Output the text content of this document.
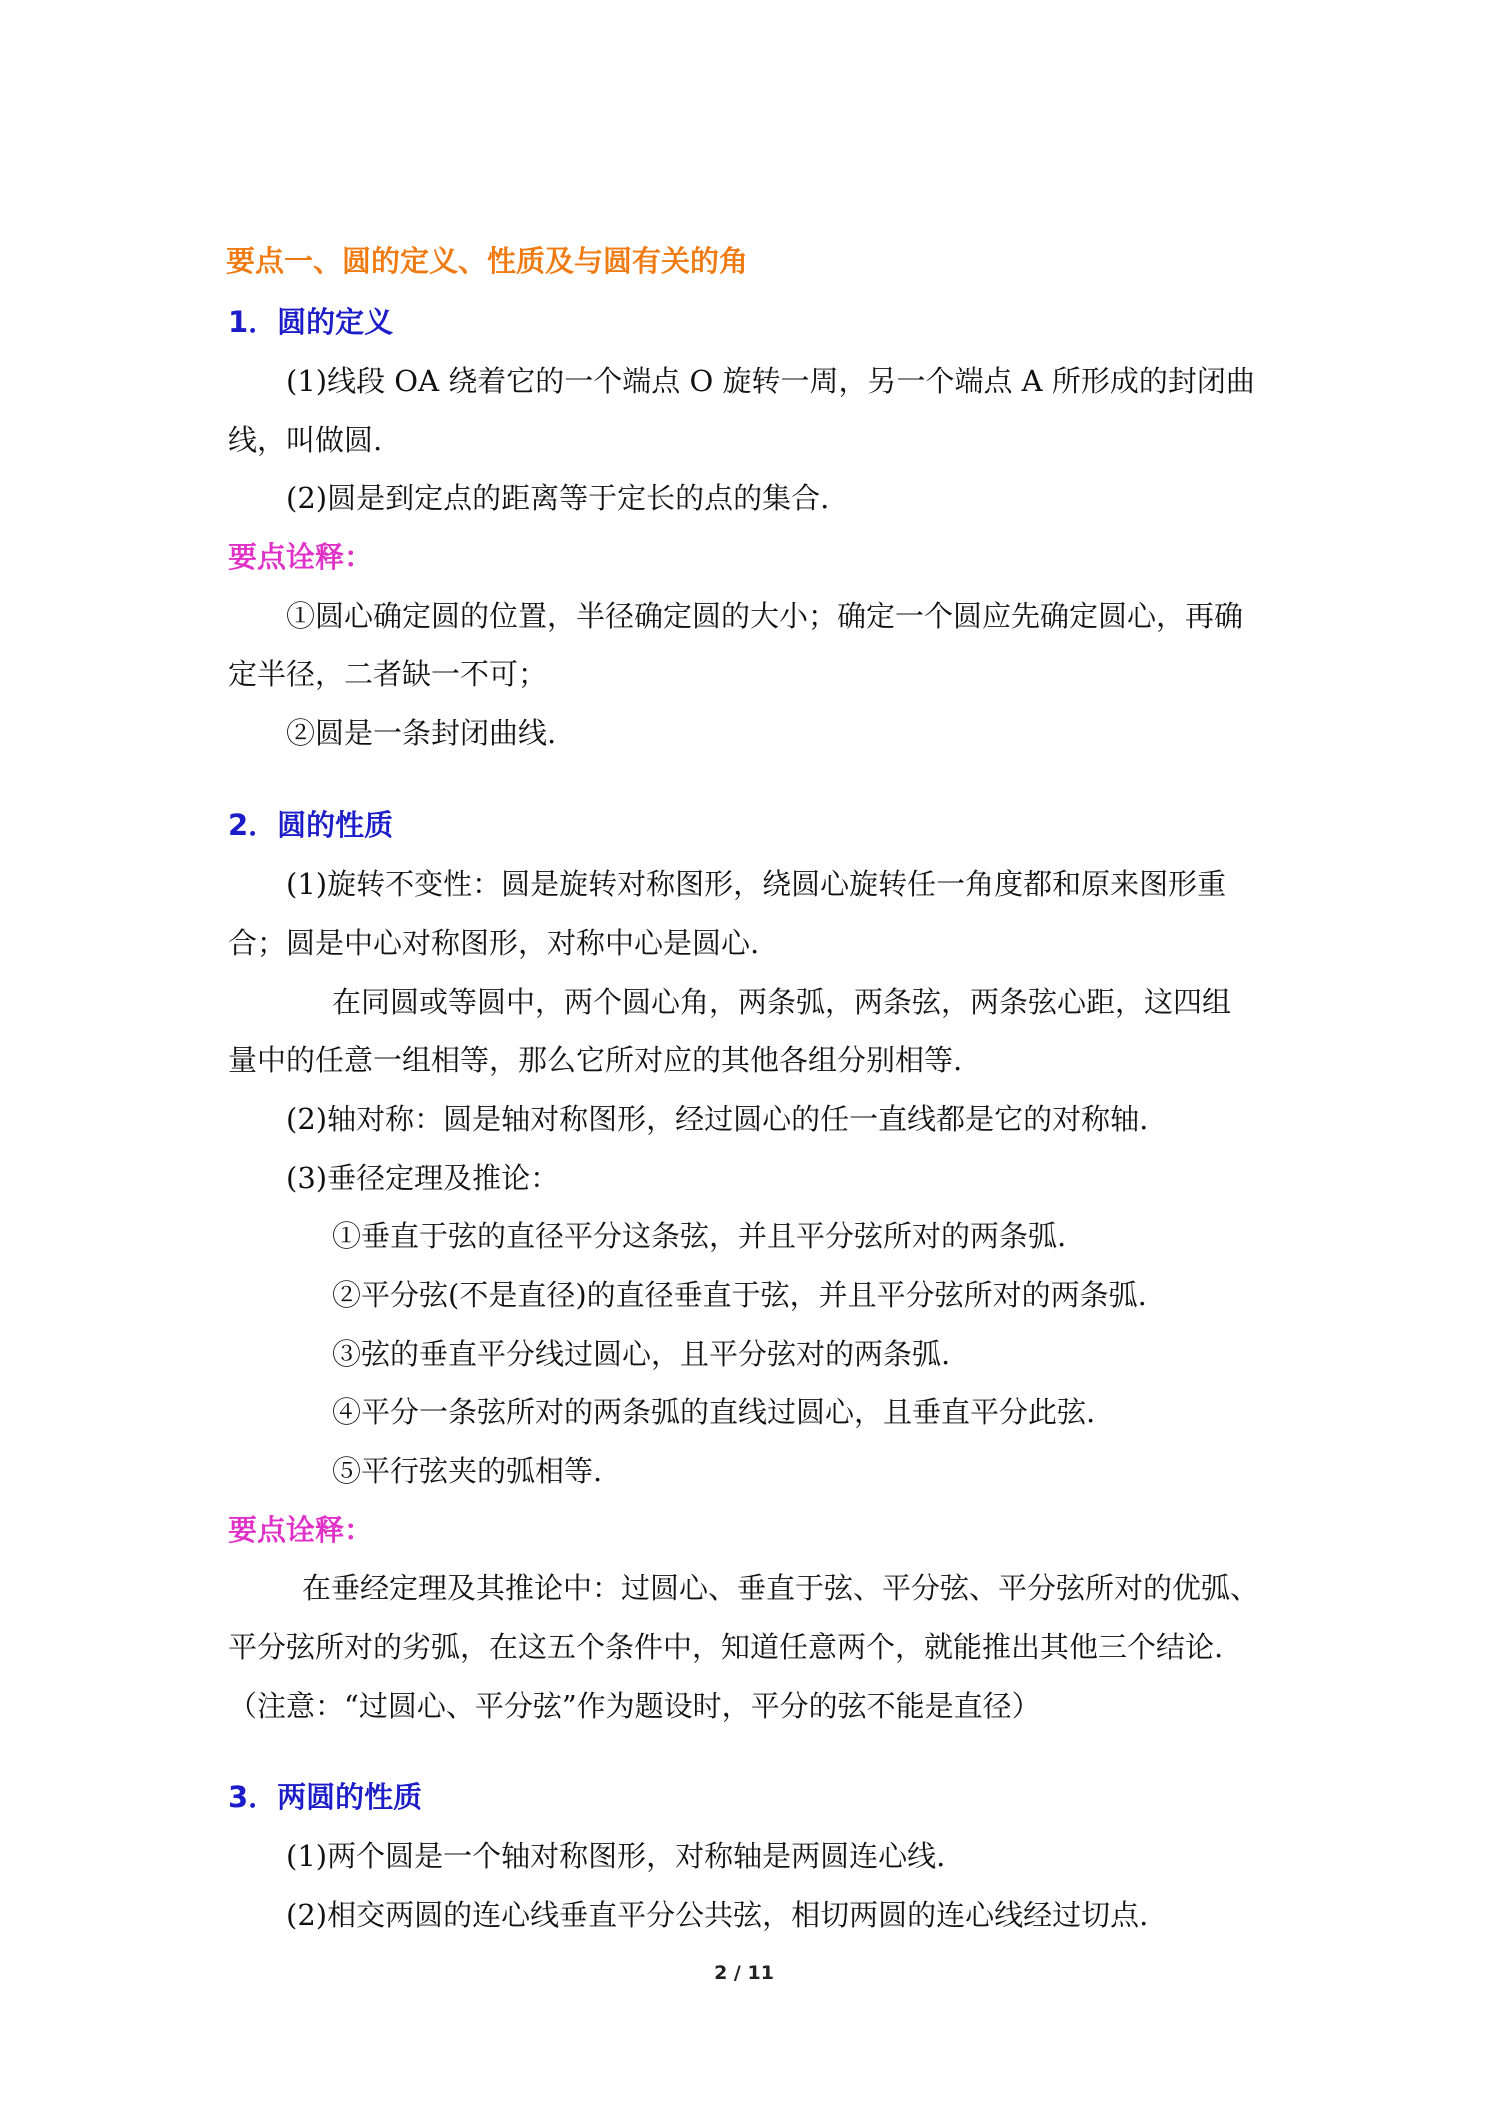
要点一、圆的定义、性质及与圆有关的角
1．圆的定义
(1)线段 OA 绕着它的一个端点 O 旋转一周，另一个端点 A 所形成的封闭曲
线，叫做圆.
(2)圆是到定点的距离等于定长的点的集合.
要点诠释：
①圆心确定圆的位置，半径确定圆的大小；确定一个圆应先确定圆心，再确
定半径，二者缺一不可；
②圆是一条封闭曲线.
2．圆的性质
(1)旋转不变性：圆是旋转对称图形，绕圆心旋转任一角度都和原来图形重
合；圆是中心对称图形，对称中心是圆心.
在同圆或等圆中，两个圆心角，两条弧，两条弦，两条弦心距，这四组
量中的任意一组相等，那么它所对应的其他各组分别相等.
(2)轴对称：圆是轴对称图形，经过圆心的任一直线都是它的对称轴.
(3)垂径定理及推论：
①垂直于弦的直径平分这条弦，并且平分弦所对的两条弧.
②平分弦(不是直径)的直径垂直于弦，并且平分弦所对的两条弧.
③弦的垂直平分线过圆心，且平分弦对的两条弧.
④平分一条弦所对的两条弧的直线过圆心，且垂直平分此弦.
⑤平行弦夹的弧相等.
要点诠释：
在垂经定理及其推论中：过圆心、垂直于弦、平分弦、平分弦所对的优弧、
平分弦所对的劣弧，在这五个条件中，知道任意两个，就能推出其他三个结论.
（注意：“过圆心、平分弦”作为题设时，平分的弦不能是直径）
3．两圆的性质
(1)两个圆是一个轴对称图形，对称轴是两圆连心线.
(2)相交两圆的连心线垂直平分公共弦，相切两圆的连心线经过切点.
2 / 11
